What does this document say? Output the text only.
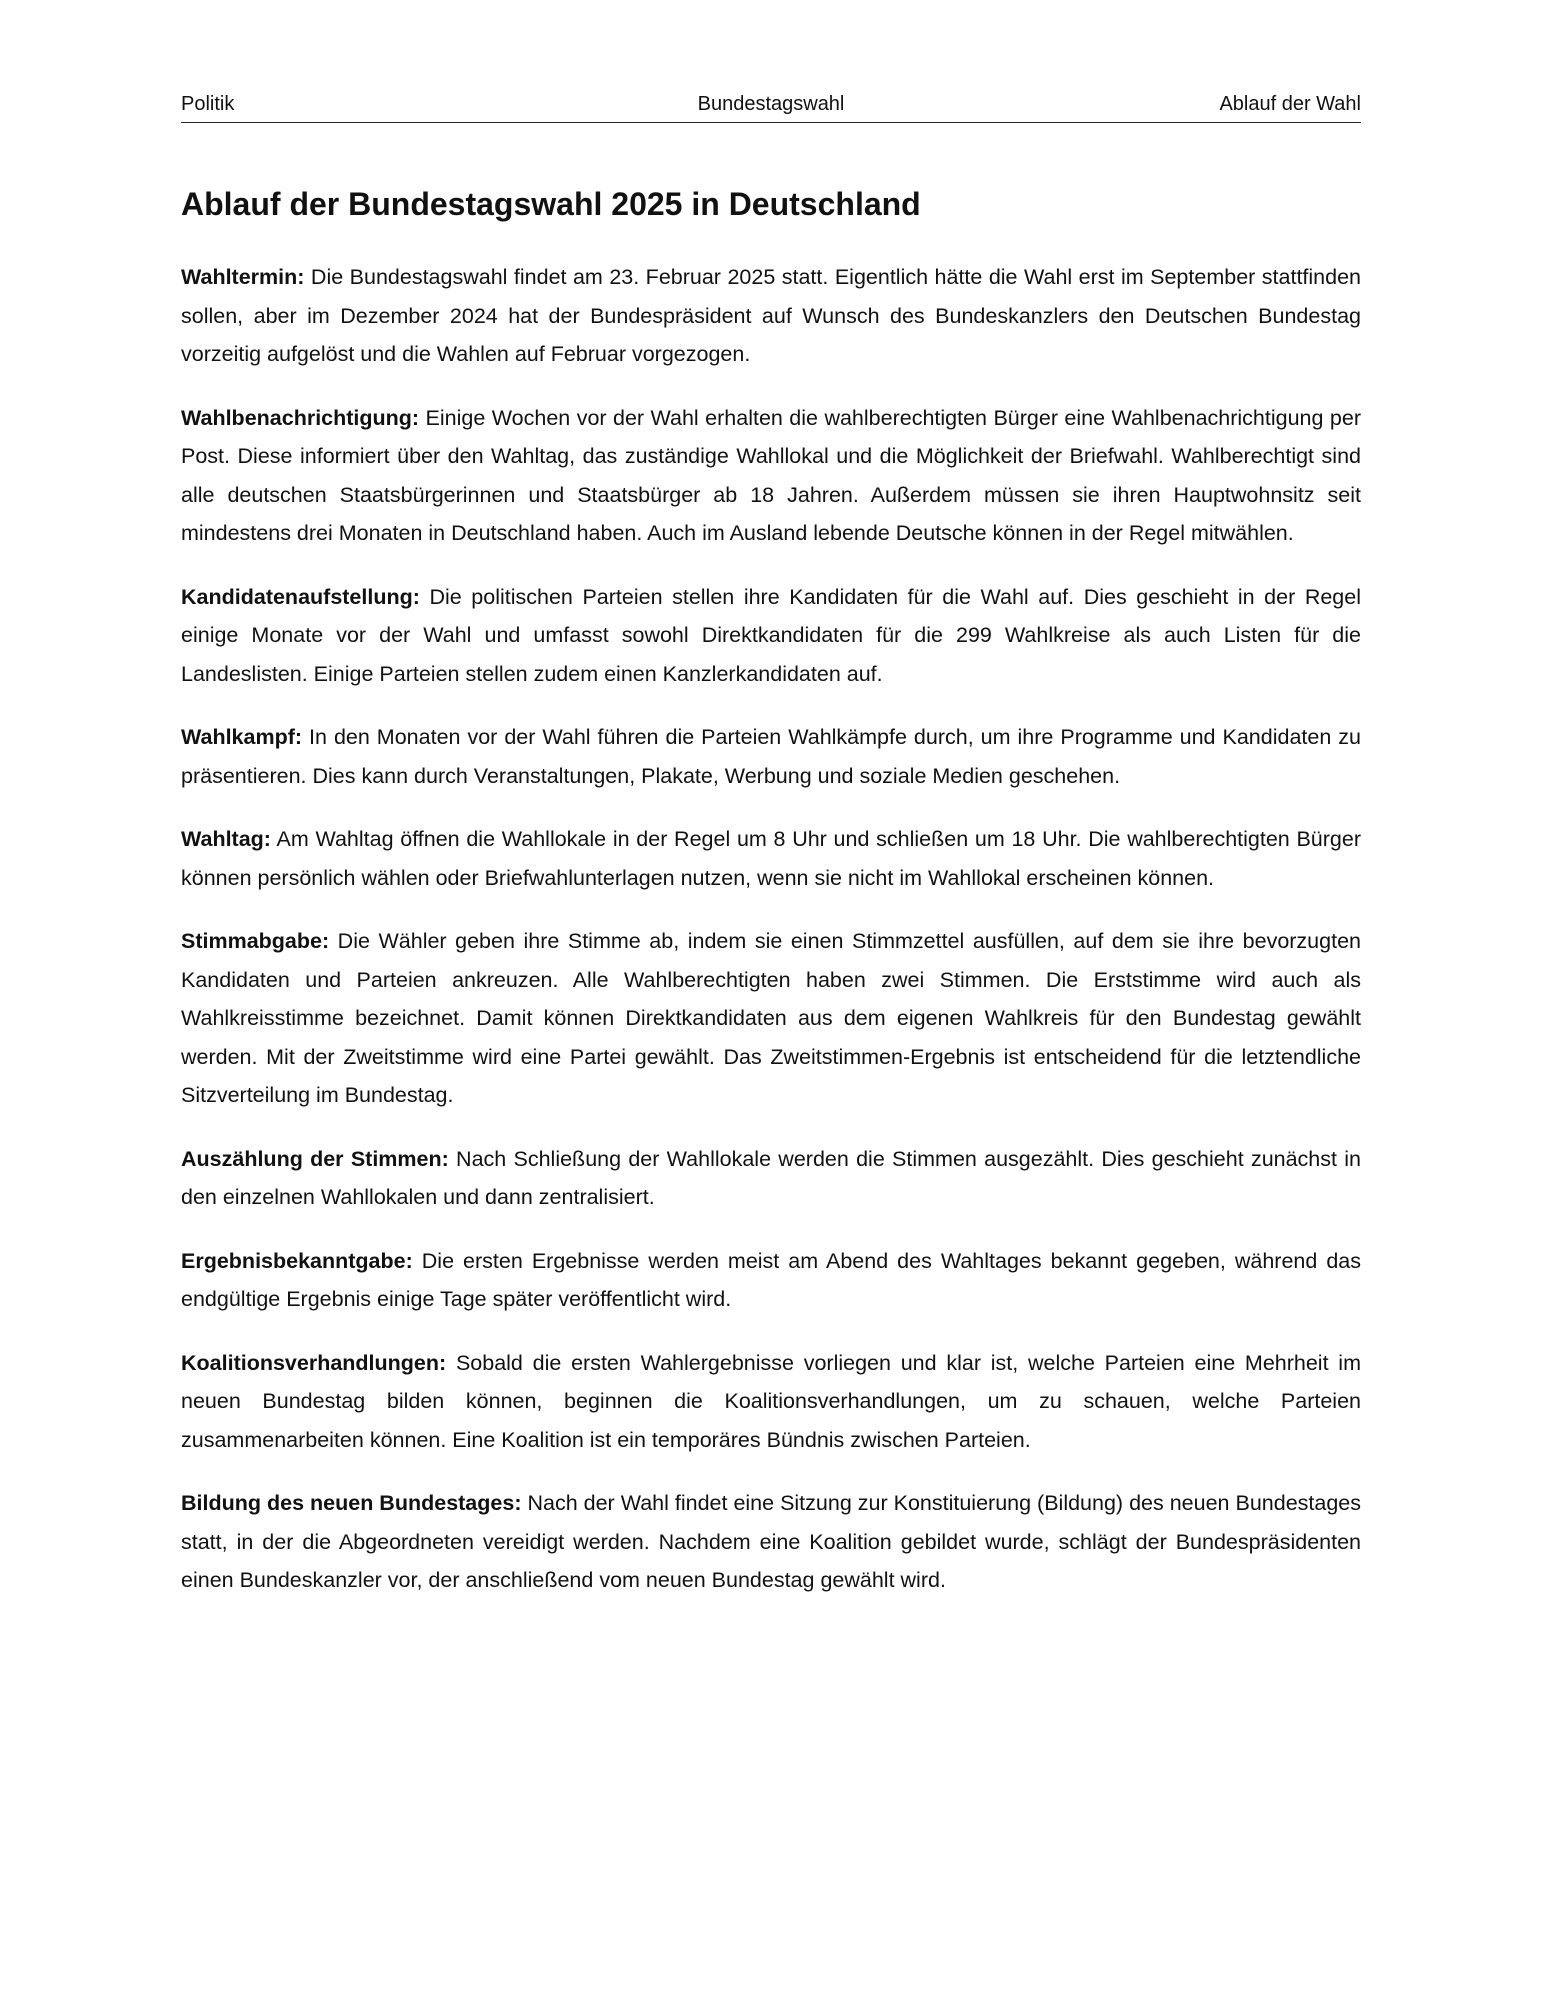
Politik	Bundestagswahl	Ablauf der Wahl
Ablauf der Bundestagswahl 2025 in Deutschland

Wahltermin: Die Bundestagswahl findet am 23. Februar 2025 statt. Eigentlich hätte die Wahl erst im September stattfinden sollen, aber im Dezember 2024 hat der Bundespräsident auf Wunsch des Bundeskanzlers den Deutschen Bundestag vorzeitig aufgelöst und die Wahlen auf Februar vorgezogen.

Wahlbenachrichtigung: Einige Wochen vor der Wahl erhalten die wahlberechtigten Bürger eine Wahlbenachrichtigung per Post. Diese informiert über den Wahltag, das zuständige Wahllokal und die Möglichkeit der Briefwahl. Wahlberechtigt sind alle deutschen Staatsbürgerinnen und Staatsbürger ab 18 Jahren. Außerdem müssen sie ihren Hauptwohnsitz seit mindestens drei Monaten in Deutschland haben. Auch im Ausland lebende Deutsche können in der Regel mitwählen.

Kandidatenaufstellung: Die politischen Parteien stellen ihre Kandidaten für die Wahl auf. Dies geschieht in der Regel einige Monate vor der Wahl und umfasst sowohl Direktkandidaten für die 299 Wahlkreise als auch Listen für die Landeslisten. Einige Parteien stellen zudem einen Kanzlerkandidaten auf.

Wahlkampf: In den Monaten vor der Wahl führen die Parteien Wahlkämpfe durch, um ihre Programme und Kandidaten zu präsentieren. Dies kann durch Veranstaltungen, Plakate, Werbung und soziale Medien geschehen.

Wahltag: Am Wahltag öffnen die Wahllokale in der Regel um 8 Uhr und schließen um 18 Uhr. Die wahlberechtigten Bürger können persönlich wählen oder Briefwahlunterlagen nutzen, wenn sie nicht im Wahllokal erscheinen können.

Stimmabgabe: Die Wähler geben ihre Stimme ab, indem sie einen Stimmzettel ausfüllen, auf dem sie ihre bevorzugten Kandidaten und Parteien ankreuzen. Alle Wahlberechtigten haben zwei Stimmen. Die Erststimme wird auch als Wahlkreisstimme bezeichnet. Damit können Direktkandidaten aus dem eigenen Wahlkreis für den Bundestag gewählt werden. Mit der Zweitstimme wird eine Partei gewählt. Das Zweitstimmen-Ergebnis ist entscheidend für die letztendliche Sitzverteilung im Bundestag.

Auszählung der Stimmen: Nach Schließung der Wahllokale werden die Stimmen ausgezählt. Dies geschieht zunächst in den einzelnen Wahllokalen und dann zentralisiert.

Ergebnisbekanntgabe: Die ersten Ergebnisse werden meist am Abend des Wahltages bekannt gegeben, während das endgültige Ergebnis einige Tage später veröffentlicht wird.

Koalitionsverhandlungen: Sobald die ersten Wahlergebnisse vorliegen und klar ist, welche Parteien eine Mehrheit im neuen Bundestag bilden können, beginnen die Koalitionsverhandlungen, um zu schauen, welche Parteien zusammenarbeiten können. Eine Koalition ist ein temporäres Bündnis zwischen Parteien.

Bildung des neuen Bundestages: Nach der Wahl findet eine Sitzung zur Konstituierung (Bildung) des neuen Bundestages statt, in der die Abgeordneten vereidigt werden. Nachdem eine Koalition gebildet wurde, schlägt der Bundespräsidenten einen Bundeskanzler vor, der anschließend vom neuen Bundestag gewählt wird.
